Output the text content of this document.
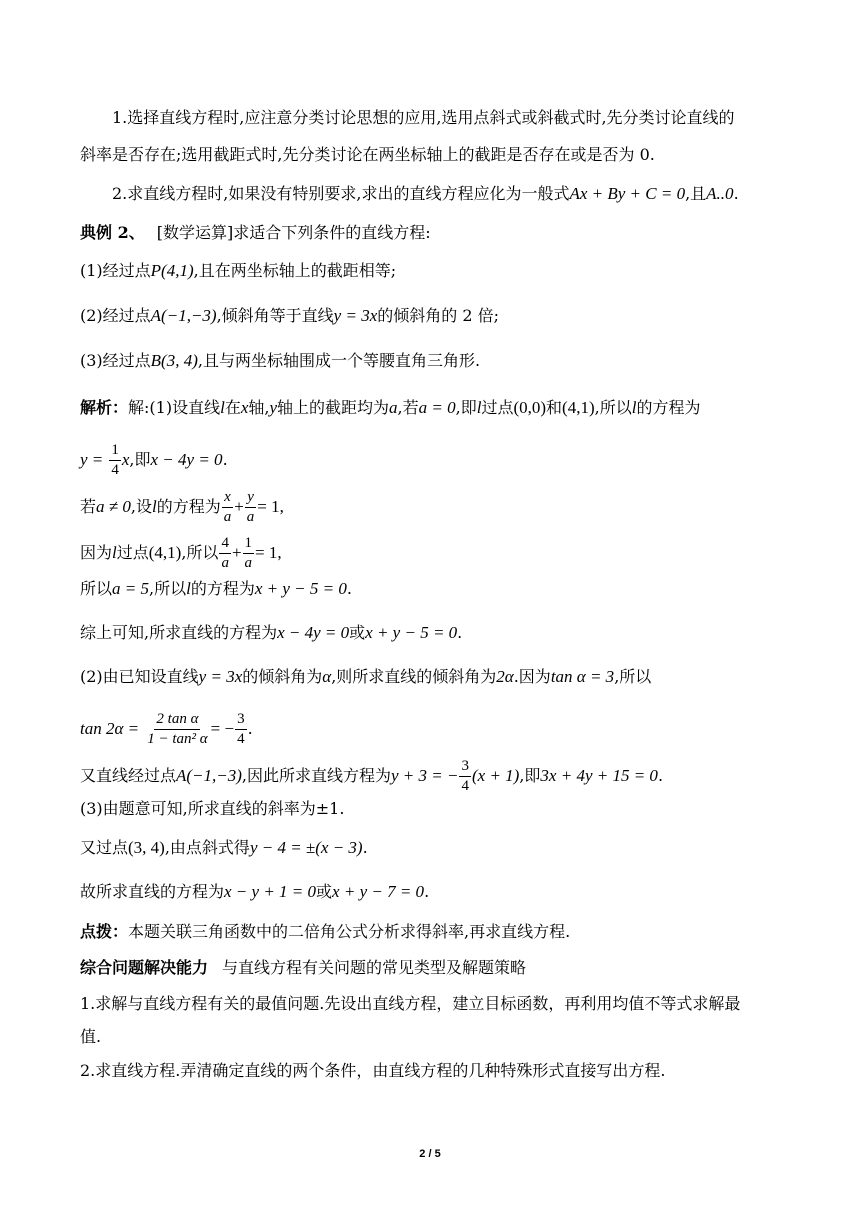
1.选择直线方程时,应注意分类讨论思想的应用,选用点斜式或斜截式时,先分类讨论直线的
斜率是否存在;选用截距式时,先分类讨论在两坐标轴上的截距是否存在或是否为 0.
2.求直线方程时,如果没有特别要求,求出的直线方程应化为一般式Ax + By + C = 0,且A..0.
典例 2、 [数学运算]求适合下列条件的直线方程:
(1)经过点P(4,1),且在两坐标轴上的截距相等;
(2)经过点A(−1,−3),倾斜角等于直线y = 3x的倾斜角的 2 倍;
(3)经过点B(3, 4),且与两坐标轴围成一个等腰直角三角形.
解析：解:(1)设直线l在x轴,y轴上的截距均为a,若a = 0,即l过点(0,0)和(4,1),所以l的方程为
$y = \frac{1}{4} x$,即x − 4y = 0.
若a ≠ 0,设l的方程为 $\frac{x}{a} + \frac{y}{a} = 1$,
因为l过点(4,1),所以 $\frac{4}{a} + \frac{1}{a} = 1$,
所以a = 5,所以l的方程为x + y − 5 = 0.
综上可知,所求直线的方程为x − 4y = 0或x + y − 5 = 0.
(2)由已知设直线y = 3x的倾斜角为α,则所求直线的倾斜角为2α.因为tan α = 3,所以
$\tan 2\alpha = \frac{\text{2 tan α}}{\text{1 − tan² α}}$ = − $\frac{3}{4}$ .
又直线经过点A(−1,−3),因此所求直线方程为y + 3 = − $\frac{3}{4} (x + 1)$,即3x + 4y + 15 = 0.
(3)由题意可知,所求直线的斜率为±1.
又过点(3, 4),由点斜式得y − 4 = ±(x − 3).
故所求直线的方程为x − y + 1 = 0或x + y − 7 = 0.
点拨：本题关联三角函数中的二倍角公式分析求得斜率,再求直线方程.
综合问题解决能力 与直线方程有关问题的常见类型及解题策略
1.求解与直线方程有关的最值问题.先设出直线方程，建立目标函数，再利用均值不等式求解最
值.
2.求直线方程.弄清确定直线的两个条件，由直线方程的几种特殊形式直接写出方程.
2 / 5
